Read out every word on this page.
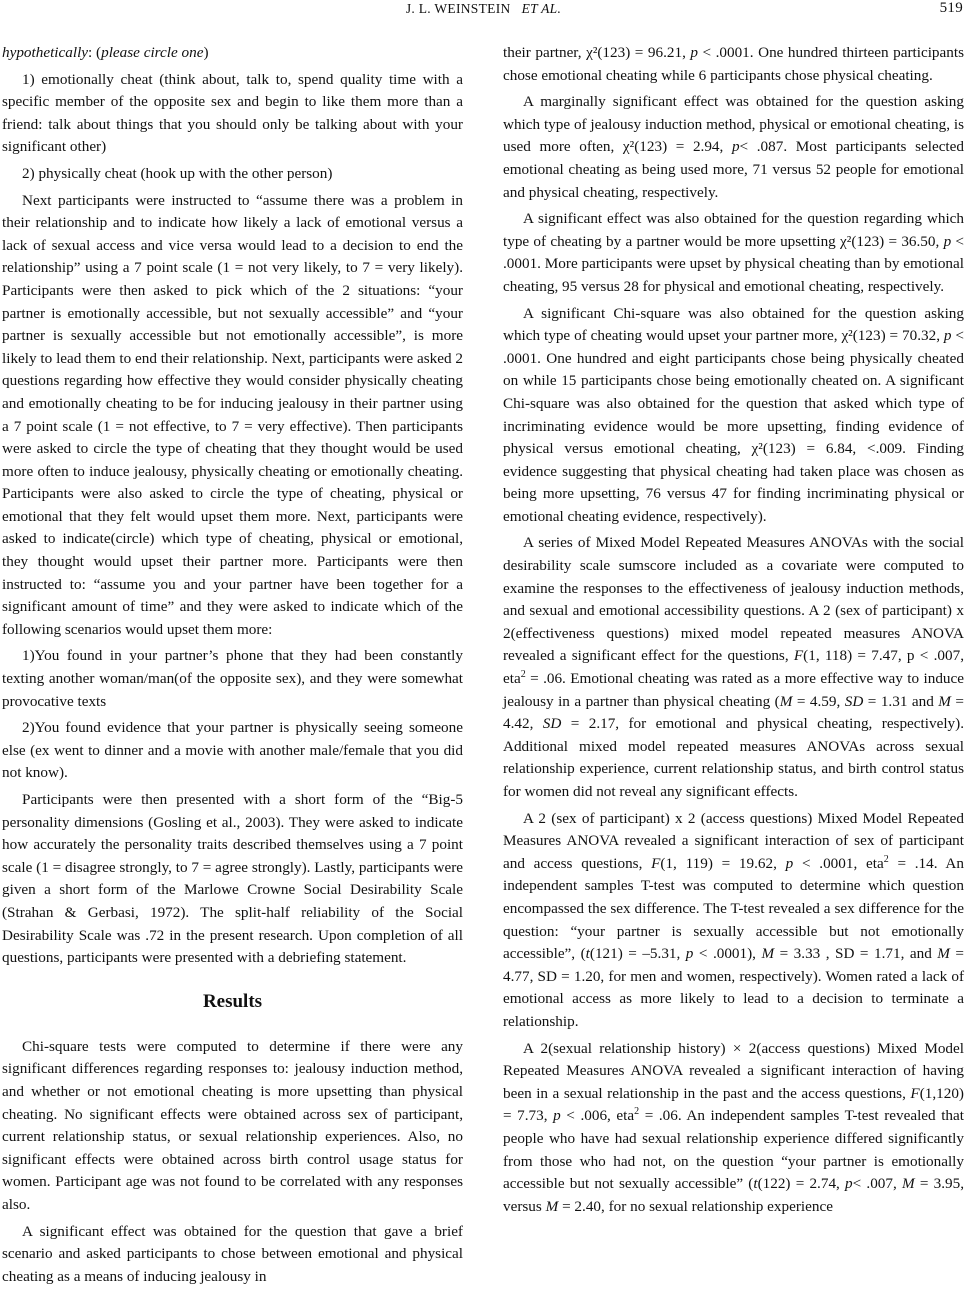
J. L. WEINSTEIN ET AL.	519

hypothetically: (please circle one)

1) emotionally cheat (think about, talk to, spend quality time with a specific member of the opposite sex and begin to like them more than a friend: talk about things that you should only be talking about with your significant other)

2) physically cheat (hook up with the other person)

Next participants were instructed to “assume there was a problem in their relationship and to indicate how likely a lack of emotional versus a lack of sexual access and vice versa would lead to a decision to end the relationship” using a 7 point scale (1 = not very likely, to 7 = very likely). Participants were then asked to pick which of the 2 situations: “your partner is emotionally accessible, but not sexually accessible” and “your partner is sexually accessible but not emotionally accessible”, is more likely to lead them to end their relationship. Next, participants were asked 2 questions regarding how effective they would consider physically cheating and emotionally cheating to be for inducing jealousy in their partner using a 7 point scale (1 = not effective, to 7 = very effective). Then participants were asked to circle the type of cheating that they thought would be used more often to induce jealousy, physically cheating or emotionally cheating. Participants were also asked to circle the type of cheating, physical or emotional that they felt would upset them more. Next, participants were asked to indicate(circle) which type of cheating, physical or emotional, they thought would upset their partner more. Participants were then instructed to: “assume you and your partner have been together for a significant amount of time” and they were asked to indicate which of the following scenarios would upset them more:

1)You found in your partner’s phone that they had been constantly texting another woman/man(of the opposite sex), and they were somewhat provocative texts

2)You found evidence that your partner is physically seeing someone else (ex went to dinner and a movie with another male/female that you did not know).

Participants were then presented with a short form of the “Big-5 personality dimensions (Gosling et al., 2003). They were asked to indicate how accurately the personality traits described themselves using a 7 point scale (1 = disagree strongly, to 7 = agree strongly). Lastly, participants were given a short form of the Marlowe Crowne Social Desirability Scale (Strahan & Gerbasi, 1972). The split-half reliability of the Social Desirability Scale was .72 in the present research. Upon completion of all questions, participants were presented with a debriefing statement.

Results

Chi-square tests were computed to determine if there were any significant differences regarding responses to: jealousy induction method, and whether or not emotional cheating is more upsetting than physical cheating. No significant effects were obtained across sex of participant, current relationship status, or sexual relationship experiences. Also, no significant effects were obtained across birth control usage status for women. Participant age was not found to be correlated with any responses also.

A significant effect was obtained for the question that gave a brief scenario and asked participants to chose between emotional and physical cheating as a means of inducing jealousy in

their partner, χ²(123) = 96.21, p < .0001. One hundred thirteen participants chose emotional cheating while 6 participants chose physical cheating.

A marginally significant effect was obtained for the question asking which type of jealousy induction method, physical or emotional cheating, is used more often, χ²(123) = 2.94, p< .087. Most participants selected emotional cheating as being used more, 71 versus 52 people for emotional and physical cheating, respectively.

A significant effect was also obtained for the question regarding which type of cheating by a partner would be more upsetting χ²(123) = 36.50, p < .0001. More participants were upset by physical cheating than by emotional cheating, 95 versus 28 for physical and emotional cheating, respectively.

A significant Chi-square was also obtained for the question asking which type of cheating would upset your partner more, χ²(123) = 70.32, p < .0001. One hundred and eight participants chose being physically cheated on while 15 participants chose being emotionally cheated on. A significant Chi-square was also obtained for the question that asked which type of incriminating evidence would be more upsetting, finding evidence of physical versus emotional cheating, χ²(123) = 6.84, <.009. Finding evidence suggesting that physical cheating had taken place was chosen as being more upsetting, 76 versus 47 for finding incriminating physical or emotional cheating evidence, respectively).

A series of Mixed Model Repeated Measures ANOVAs with the social desirability scale sumscore included as a covariate were computed to examine the responses to the effectiveness of jealousy induction methods, and sexual and emotional accessibility questions. A 2 (sex of participant) x 2(effectiveness questions) mixed model repeated measures ANOVA revealed a significant effect for the questions, F(1, 118) = 7.47, p < .007, eta$^2$ = .06. Emotional cheating was rated as a more effective way to induce jealousy in a partner than physical cheating (M = 4.59, SD = 1.31 and M = 4.42, SD = 2.17, for emotional and physical cheating, respectively). Additional mixed model repeated measures ANOVAs across sexual relationship experience, current relationship status, and birth control status for women did not reveal any significant effects.

A 2 (sex of participant) x 2 (access questions) Mixed Model Repeated Measures ANOVA revealed a significant interaction of sex of participant and access questions, F(1, 119) = 19.62, p < .0001, eta$^2$ = .14. An independent samples T-test was computed to determine which question encompassed the sex difference. The T-test revealed a sex difference for the question: “your partner is sexually accessible but not emotionally accessible”, (t(121) = –5.31, p < .0001), M = 3.33 , SD = 1.71, and M = 4.77, SD = 1.20, for men and women, respectively). Women rated a lack of emotional access as more likely to lead to a decision to terminate a relationship.

A 2(sexual relationship history) × 2(access questions) Mixed Model Repeated Measures ANOVA revealed a significant interaction of having been in a sexual relationship in the past and the access questions, F(1,120) = 7.73, p < .006, eta$^2$ = .06. An independent samples T-test revealed that people who have had sexual relationship experience differed significantly from those who had not, on the question “your partner is emotionally accessible but not sexually accessible” (t(122) = 2.74, p< .007, M = 3.95, versus M = 2.40, for no sexual relationship experience
